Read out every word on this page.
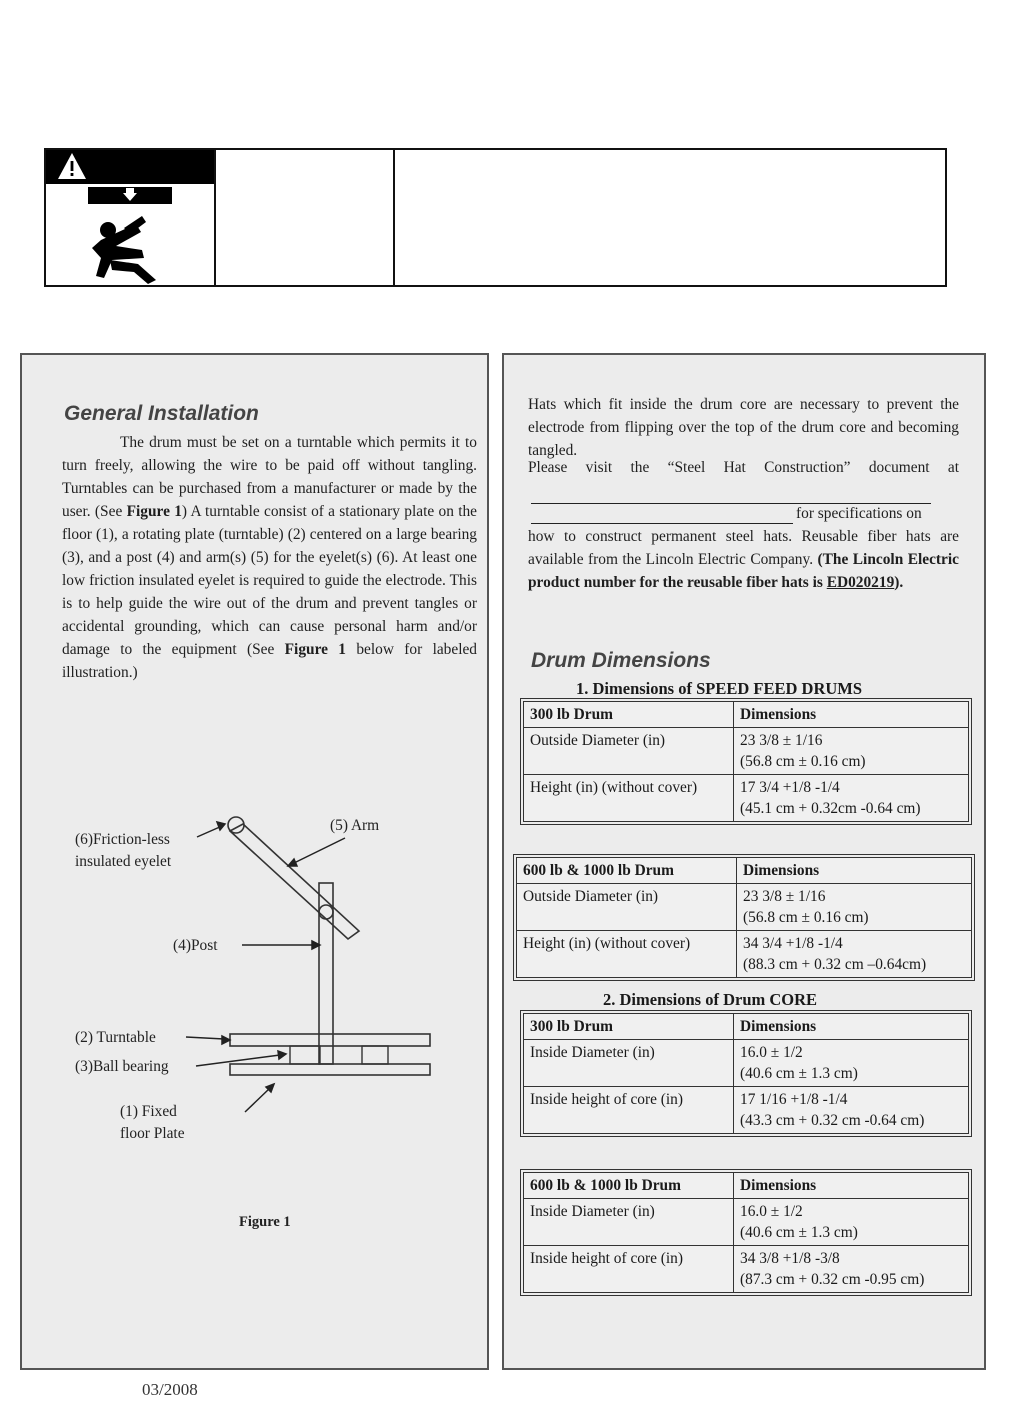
General Installation
The drum must be set on a turntable which permits it to turn freely, allowing the wire to be paid off without tangling. Turntables can be purchased from a manufacturer or made by the user. (See Figure 1) A turntable consist of a stationary plate on the floor (1), a rotating plate (turntable) (2) centered on a large bearing (3), and a post (4) and arm(s) (5) for the eyelet(s) (6). At least one low friction insulated eyelet is required to guide the electrode. This is to help guide the wire out of the drum and prevent tangles or accidental grounding, which can cause personal harm and/or damage to the equipment (See Figure 1 below for labeled illustration.)
(6)Friction-less
insulated eyelet
(5) Arm
(4)Post
(2) Turntable
(3)Ball bearing
(1) Fixed
floor Plate
Figure 1
Hats which fit inside the drum core are necessary to prevent the electrode from flipping over the top of the drum core and becoming tangled.
Please visit the “Steel Hat Construction” document at
for specifications on
how to construct permanent steel hats. Reusable fiber hats are available from the Lincoln Electric Company. (The Lincoln Electric product number for the reusable fiber hats is ED020219).
Drum Dimensions
1. Dimensions of SPEED FEED DRUMS
300 lb Drum	Dimensions
Outside Diameter (in)	23 3/8 ± 1/16
(56.8 cm ± 0.16 cm)

Height (in) (without cover)	17 3/4 +1/8 -1/4
(45.1 cm + 0.32cm -0.64 cm)
600 lb & 1000 lb Drum	Dimensions
Outside Diameter (in)	23 3/8 ± 1/16
(56.8 cm ± 0.16 cm)

Height (in) (without cover)	34 3/4 +1/8 -1/4
(88.3 cm + 0.32 cm –0.64cm)
2. Dimensions of Drum CORE
300 lb Drum	Dimensions
Inside Diameter (in)	16.0 ± 1/2
(40.6 cm ± 1.3 cm)

Inside height of core (in)	17 1/16 +1/8 -1/4
(43.3 cm + 0.32 cm -0.64 cm)
600 lb & 1000 lb Drum	Dimensions
Inside Diameter (in)	16.0 ± 1/2
(40.6 cm ± 1.3 cm)

Inside height of core (in)	34 3/8 +1/8 -3/8
(87.3 cm + 0.32 cm -0.95 cm)
03/2008
